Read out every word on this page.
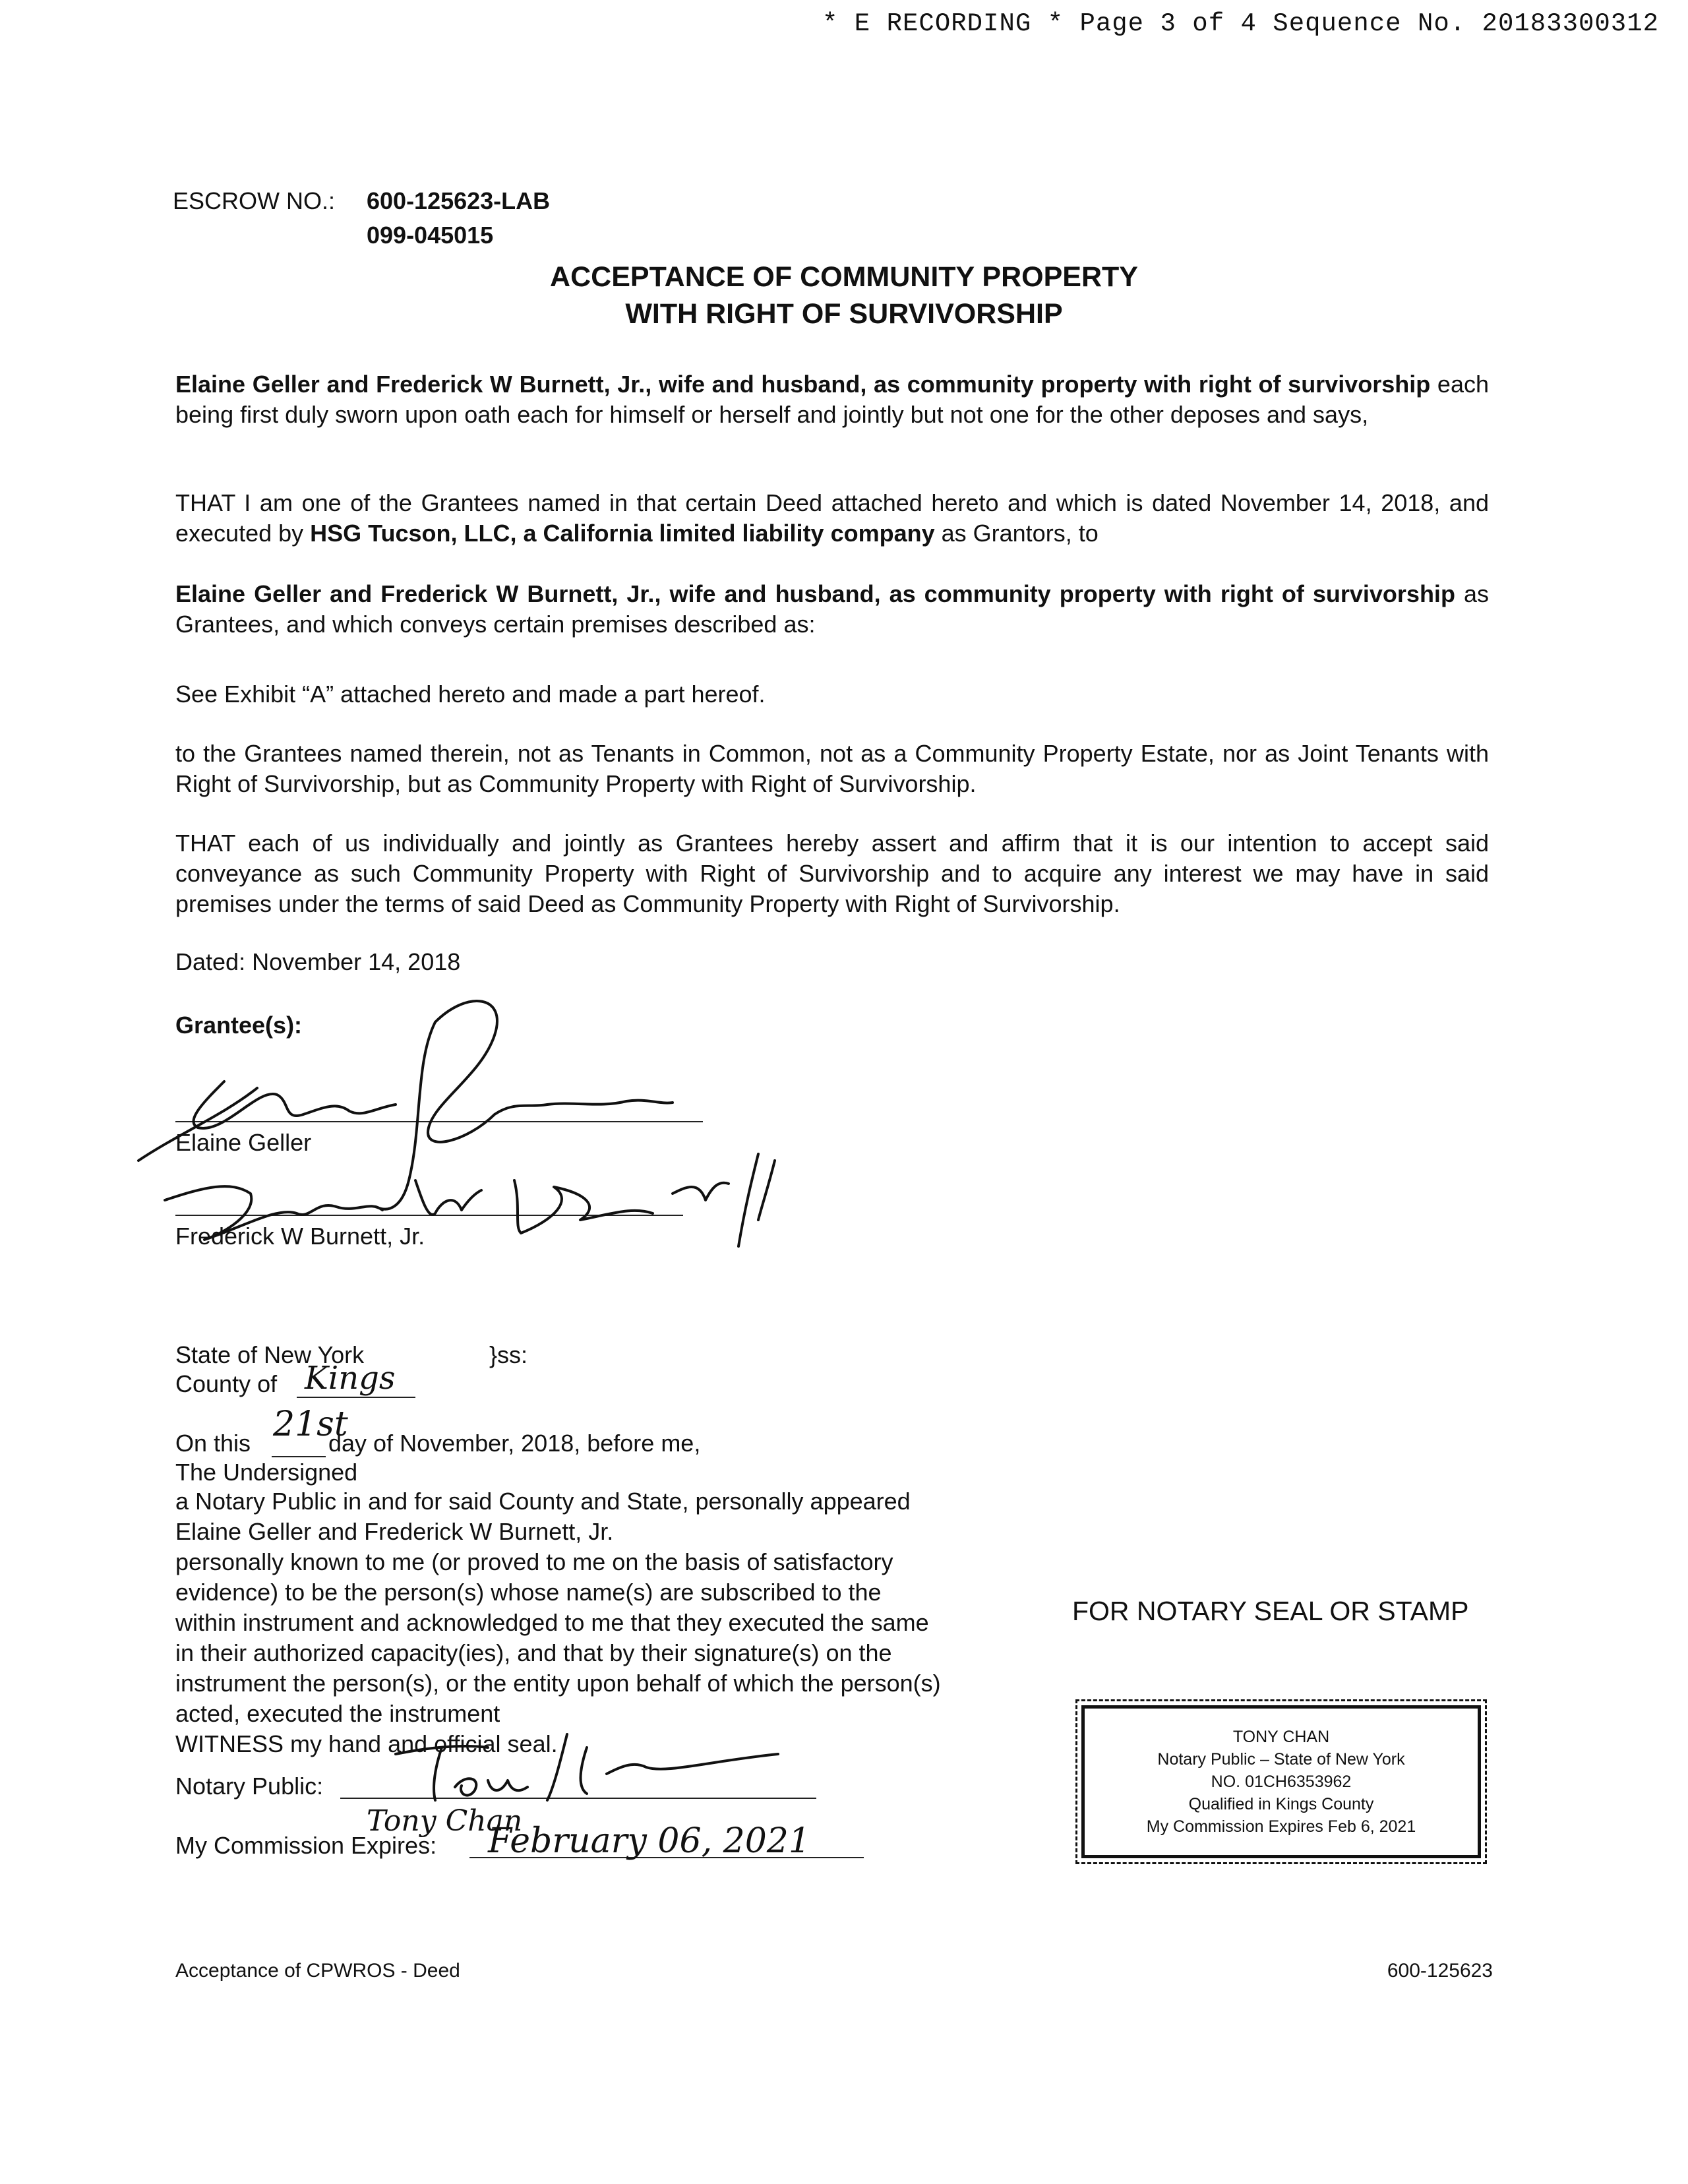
* E RECORDING * Page 3 of 4 Sequence No. 20183300312
ESCROW NO.: 600-125623-LAB
099-045015
ACCEPTANCE OF COMMUNITY PROPERTY
WITH RIGHT OF SURVIVORSHIP
Elaine Geller and Frederick W Burnett, Jr., wife and husband, as community property with right of survivorship each being first duly sworn upon oath each for himself or herself and jointly but not one for the other deposes and says,
THAT I am one of the Grantees named in that certain Deed attached hereto and which is dated November 14, 2018, and executed by HSG Tucson, LLC, a California limited liability company as Grantors, to
Elaine Geller and Frederick W Burnett, Jr., wife and husband, as community property with right of survivorship as Grantees, and which conveys certain premises described as:
See Exhibit “A” attached hereto and made a part hereof.
to the Grantees named therein, not as Tenants in Common, not as a Community Property Estate, nor as Joint Tenants with Right of Survivorship, but as Community Property with Right of Survivorship.
THAT each of us individually and jointly as Grantees hereby assert and affirm that it is our intention to accept said conveyance as such Community Property with Right of Survivorship and to acquire any interest we may have in said premises under the terms of said Deed as Community Property with Right of Survivorship.
Dated: November 14, 2018
Grantee(s):
Elaine Geller
Frederick W Burnett, Jr.
State of New York	}ss:
County of Kings
On this 21st
day of November, 2018, before me,
The Undersigned
a Notary Public in and for said County and State, personally appeared
Elaine Geller and Frederick W Burnett, Jr.
personally known to me (or proved to me on the basis of satisfactory
evidence) to be the person(s) whose name(s) are subscribed to the
within instrument and acknowledged to me that they executed the same
in their authorized capacity(ies), and that by their signature(s) on the
instrument the person(s), or the entity upon behalf of which the person(s)
acted, executed the instrument
WITNESS my hand and official seal.
Notary Public:
Tony Chan
My Commission Expires: February 06, 2021
FOR NOTARY SEAL OR STAMP
TONY CHAN
Notary Public – State of New York
NO. 01CH6353962
Qualified in Kings County
My Commission Expires Feb 6, 2021
Acceptance of CPWROS - Deed	600-125623
